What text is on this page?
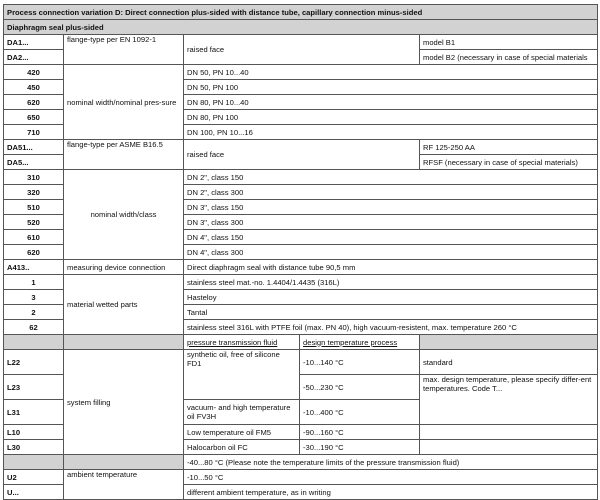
Process connection variation D: Direct connection plus-sided with distance tube, capillary connection minus-sided				
Diaphragm seal plus-sided				
DA1...	flange-type per EN 1092-1	raised face		model B1
DA2...				model B2 (necessary in case of special materials
420	nominal width/nominal pres-sure	DN 50, PN 10...40		
450		DN 50, PN 100		
620		DN 80, PN 10...40		
650		DN 80, PN 100		
710		DN 100, PN 10...16		
DA51...	flange-type per ASME B16.5	raised face		RF 125-250 AA
DA5...				RFSF (necessary in case of special materials)
310	nominal width/class	DN 2", class 150		
320		DN 2", class 300		
510		DN 3", class 150		
520		DN 3", class 300		
610		DN 4", class 150		
620		DN 4", class 300		
A413..	measuring device connection	Direct diaphragm seal with distance tube 90,5 mm		
1	material wetted parts	stainless steel mat.-no. 1.4404/1.4435 (316L)		
3		Hasteloy		
2		Tantal		
62		stainless steel 316L with PTFE foil (max. PN 40), high vacuum-resistent, max. temperature 260 °C		
		pressure transmission fluid	design temperature process	
L22	system filling	synthetic oil, free of silicone FD1	-10...140 °C	standard
L23			-50...230 °C	max. design temperature, please specify differ-ent temperatures. Code T...
L31		vacuum- and high temperature oil FV3H	-10...400 °C	
L10		Low temperature oil FM5	-90...160 °C	
L30		Halocarbon oil FC	-30...190 °C	
		-40...80 °C (Please note the temperature limits of the pressure transmission fluid)		
U2	ambient temperature	-10...50 °C		
U...		different ambient temperature, as in writing		
